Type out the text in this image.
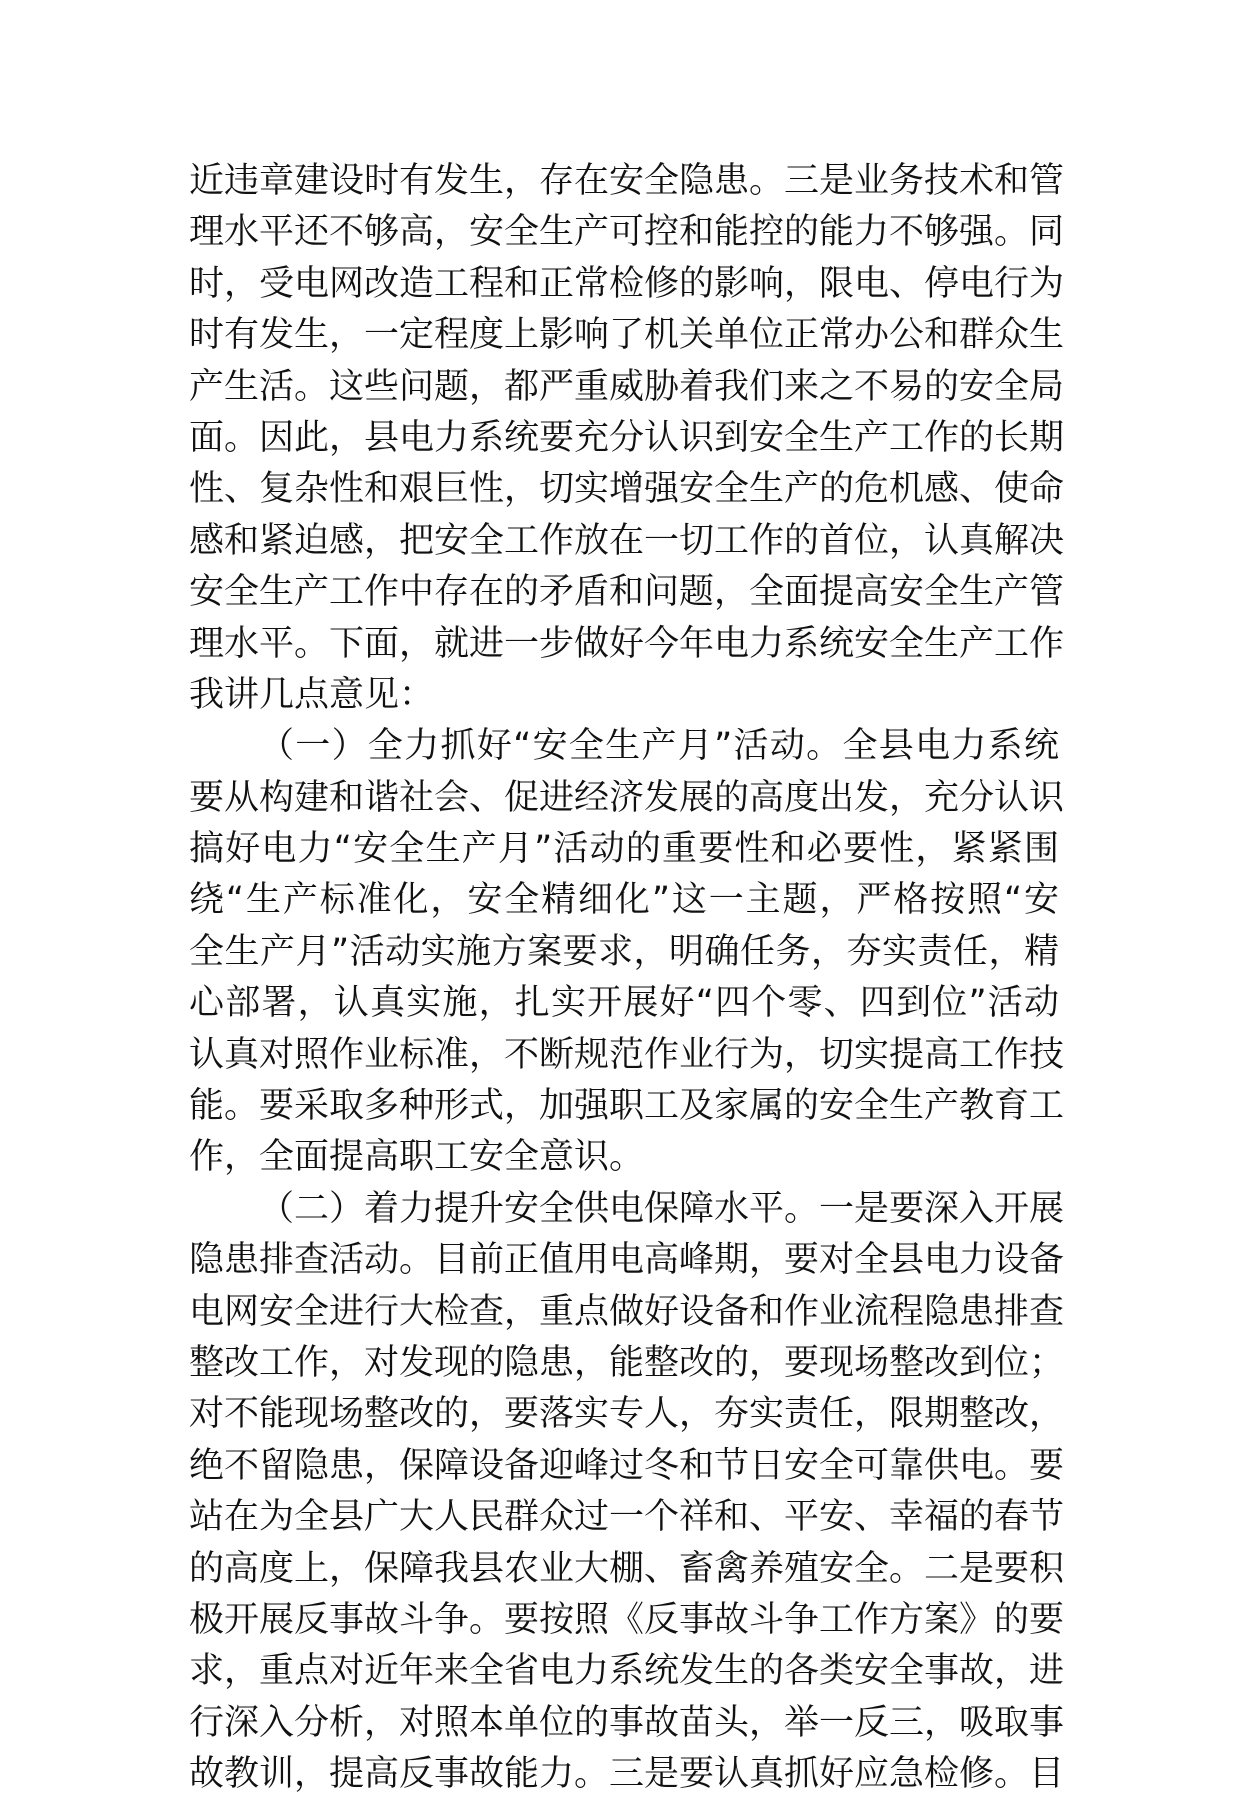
近违章建设时有发生，存在安全隐患。三是业务技术和管
理水平还不够高，安全生产可控和能控的能力不够强。同
时，受电网改造工程和正常检修的影响，限电、停电行为
时有发生，一定程度上影响了机关单位正常办公和群众生
产生活。这些问题，都严重威胁着我们来之不易的安全局
面。因此，县电力系统要充分认识到安全生产工作的长期
性、复杂性和艰巨性，切实增强安全生产的危机感、使命
感和紧迫感，把安全工作放在一切工作的首位，认真解决
安全生产工作中存在的矛盾和问题，全面提高安全生产管
理水平。下面，就进一步做好今年电力系统安全生产工作
我讲几点意见：
（一）全力抓好“安全生产月”活动。全县电力系统
要从构建和谐社会、促进经济发展的高度出发，充分认识
搞好电力“安全生产月”活动的重要性和必要性，紧紧围
绕“生产标准化，安全精细化”这一主题，严格按照“安
全生产月”活动实施方案要求，明确任务，夯实责任，精
心部署，认真实施，扎实开展好“四个零、四到位”活动
认真对照作业标准，不断规范作业行为，切实提高工作技
能。要采取多种形式，加强职工及家属的安全生产教育工
作，全面提高职工安全意识。
（二）着力提升安全供电保障水平。一是要深入开展
隐患排查活动。目前正值用电高峰期，要对全县电力设备
电网安全进行大检查，重点做好设备和作业流程隐患排查
整改工作，对发现的隐患，能整改的，要现场整改到位；
对不能现场整改的，要落实专人，夯实责任，限期整改，
绝不留隐患，保障设备迎峰过冬和节日安全可靠供电。要
站在为全县广大人民群众过一个祥和、平安、幸福的春节
的高度上，保障我县农业大棚、畜禽养殖安全。二是要积
极开展反事故斗争。要按照《反事故斗争工作方案》的要
求，重点对近年来全省电力系统发生的各类安全事故，进
行深入分析，对照本单位的事故苗头，举一反三，吸取事
故教训，提高反事故能力。三是要认真抓好应急检修。目
